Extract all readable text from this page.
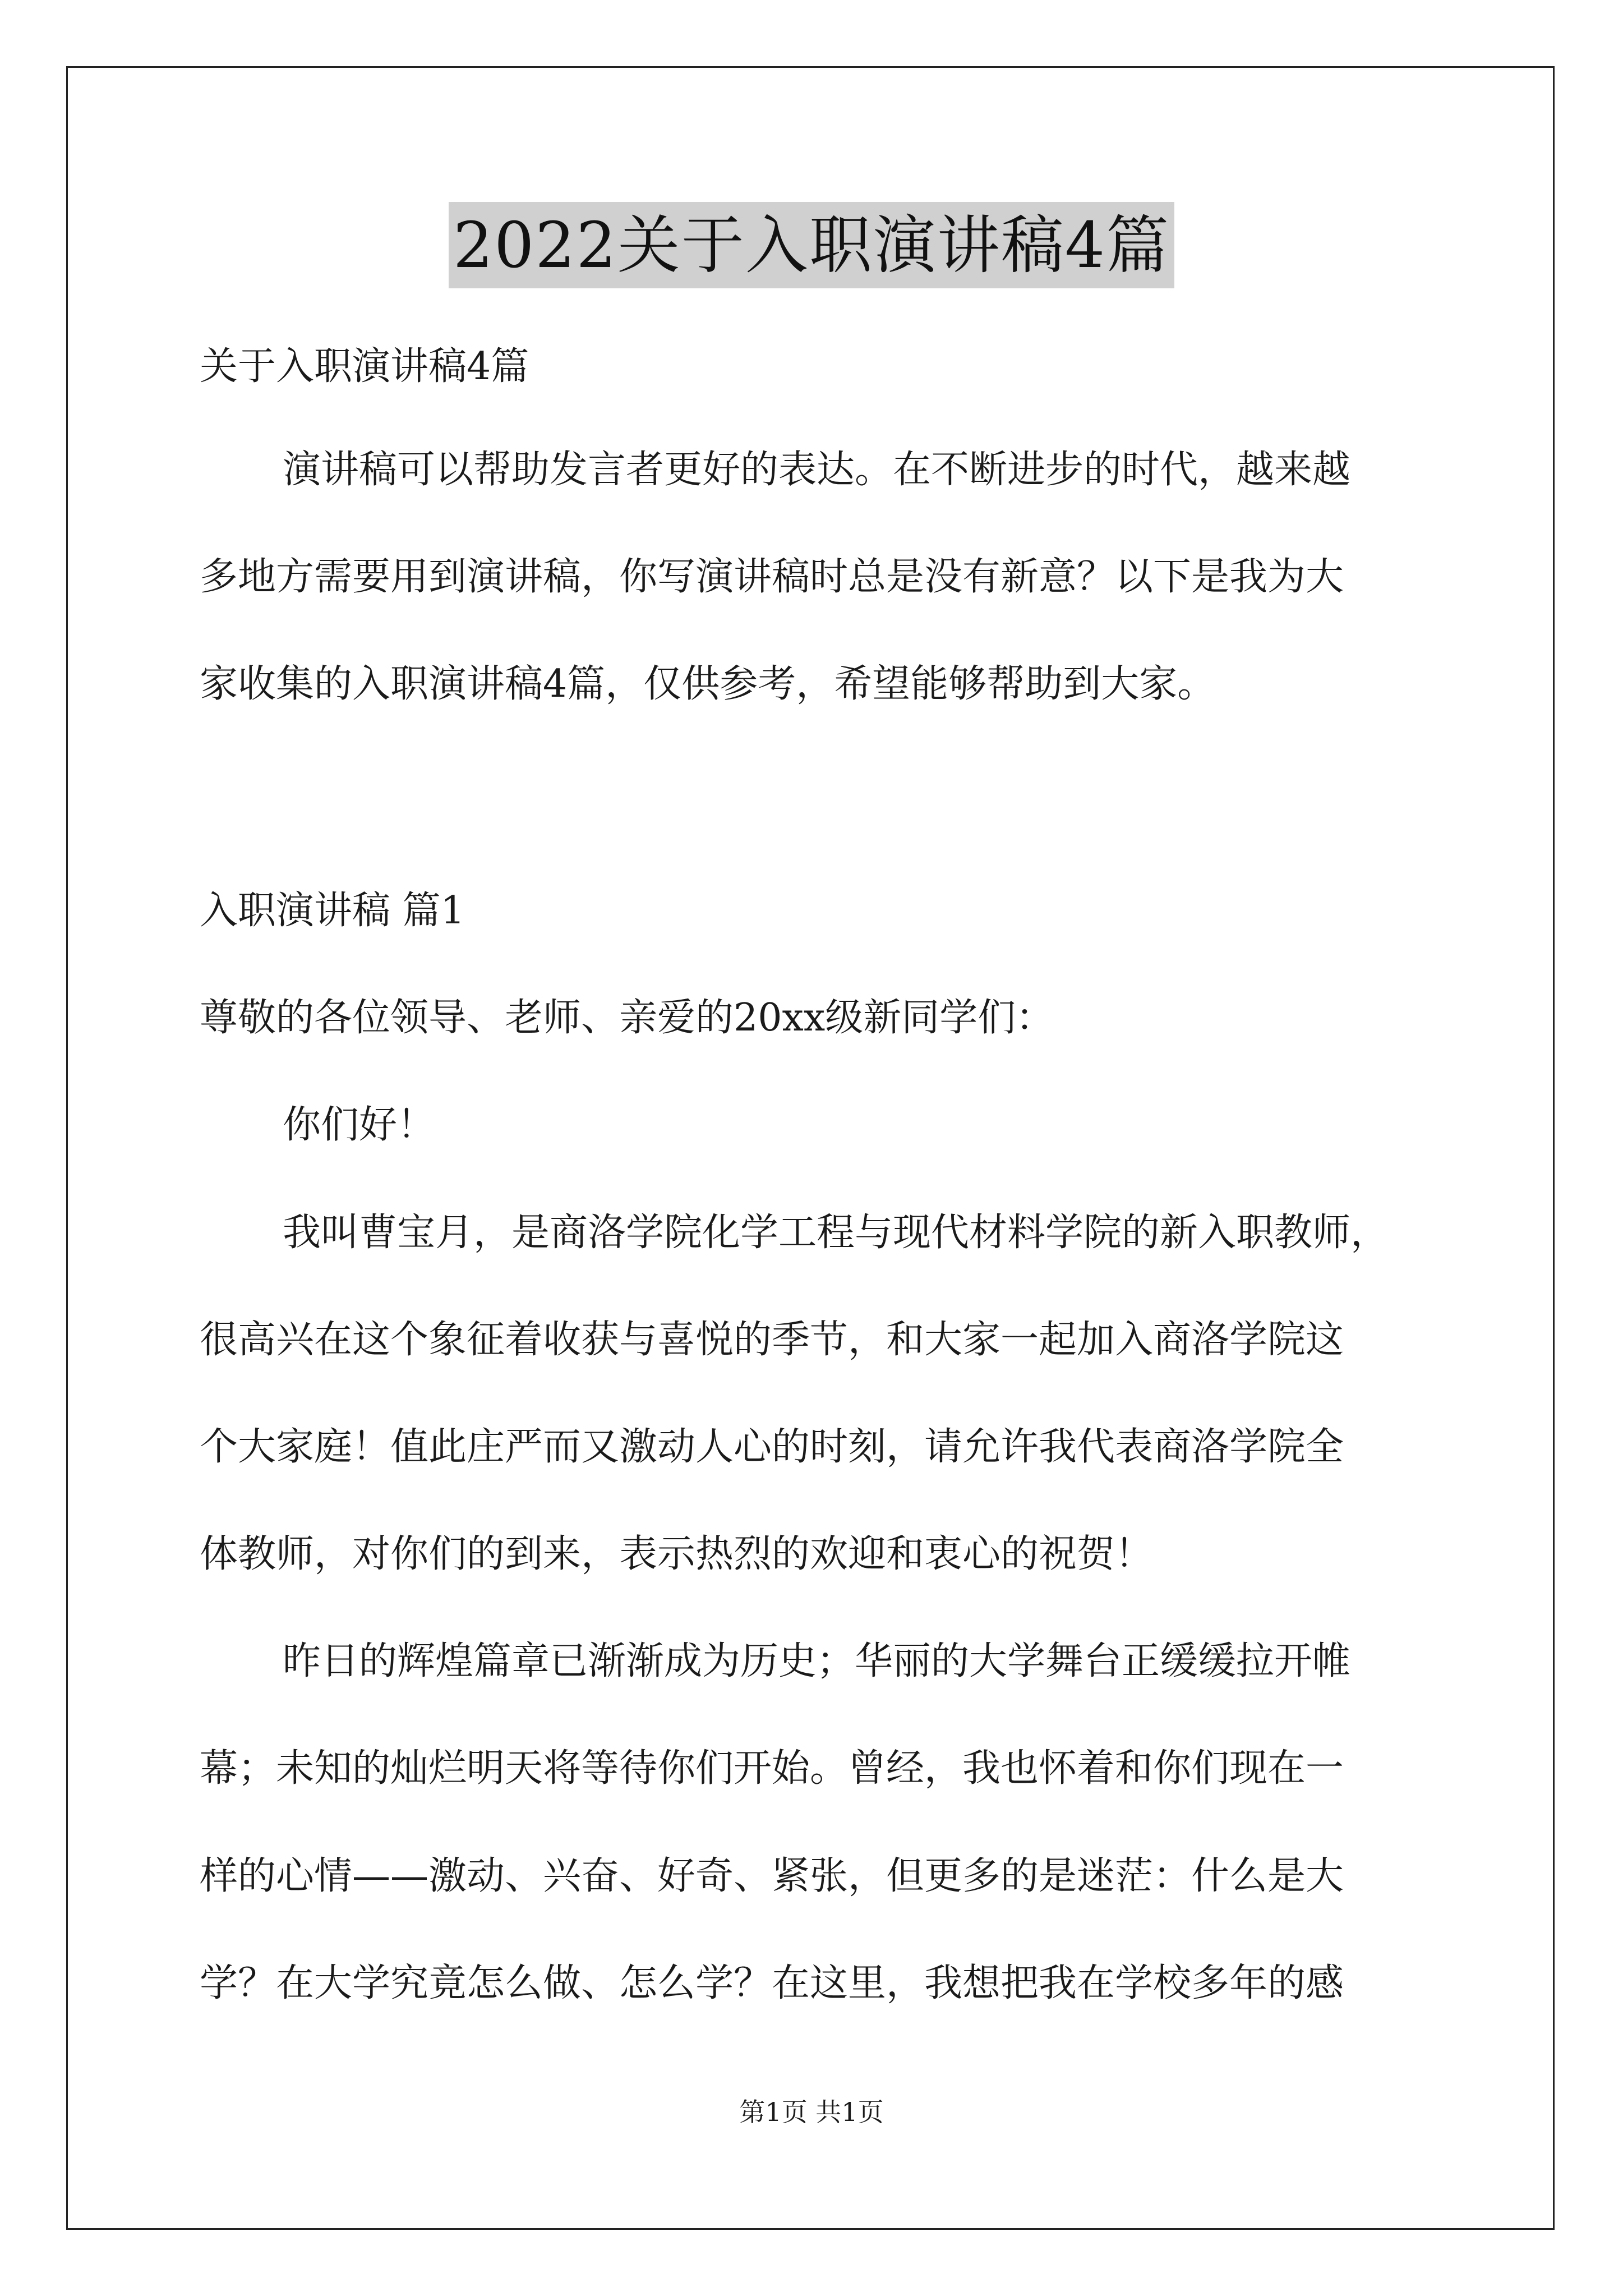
2022关于入职演讲稿4篇

关于入职演讲稿4篇

演讲稿可以帮助发言者更好的表达。在不断进步的时代，越来越

多地方需要用到演讲稿，你写演讲稿时总是没有新意？以下是我为大

家收集的入职演讲稿4篇，仅供参考，希望能够帮助到大家。

入职演讲稿 篇1

尊敬的各位领导、老师、亲爱的20xx级新同学们：

你们好！

我叫曹宝月，是商洛学院化学工程与现代材料学院的新入职教师，

很高兴在这个象征着收获与喜悦的季节，和大家一起加入商洛学院这

个大家庭！值此庄严而又激动人心的时刻，请允许我代表商洛学院全

体教师，对你们的到来，表示热烈的欢迎和衷心的祝贺！

昨日的辉煌篇章已渐渐成为历史；华丽的大学舞台正缓缓拉开帷

幕；未知的灿烂明天将等待你们开始。曾经，我也怀着和你们现在一

样的心情——激动、兴奋、好奇、紧张，但更多的是迷茫：什么是大

学？在大学究竟怎么做、怎么学？在这里，我想把我在学校多年的感

第1页 共1页
